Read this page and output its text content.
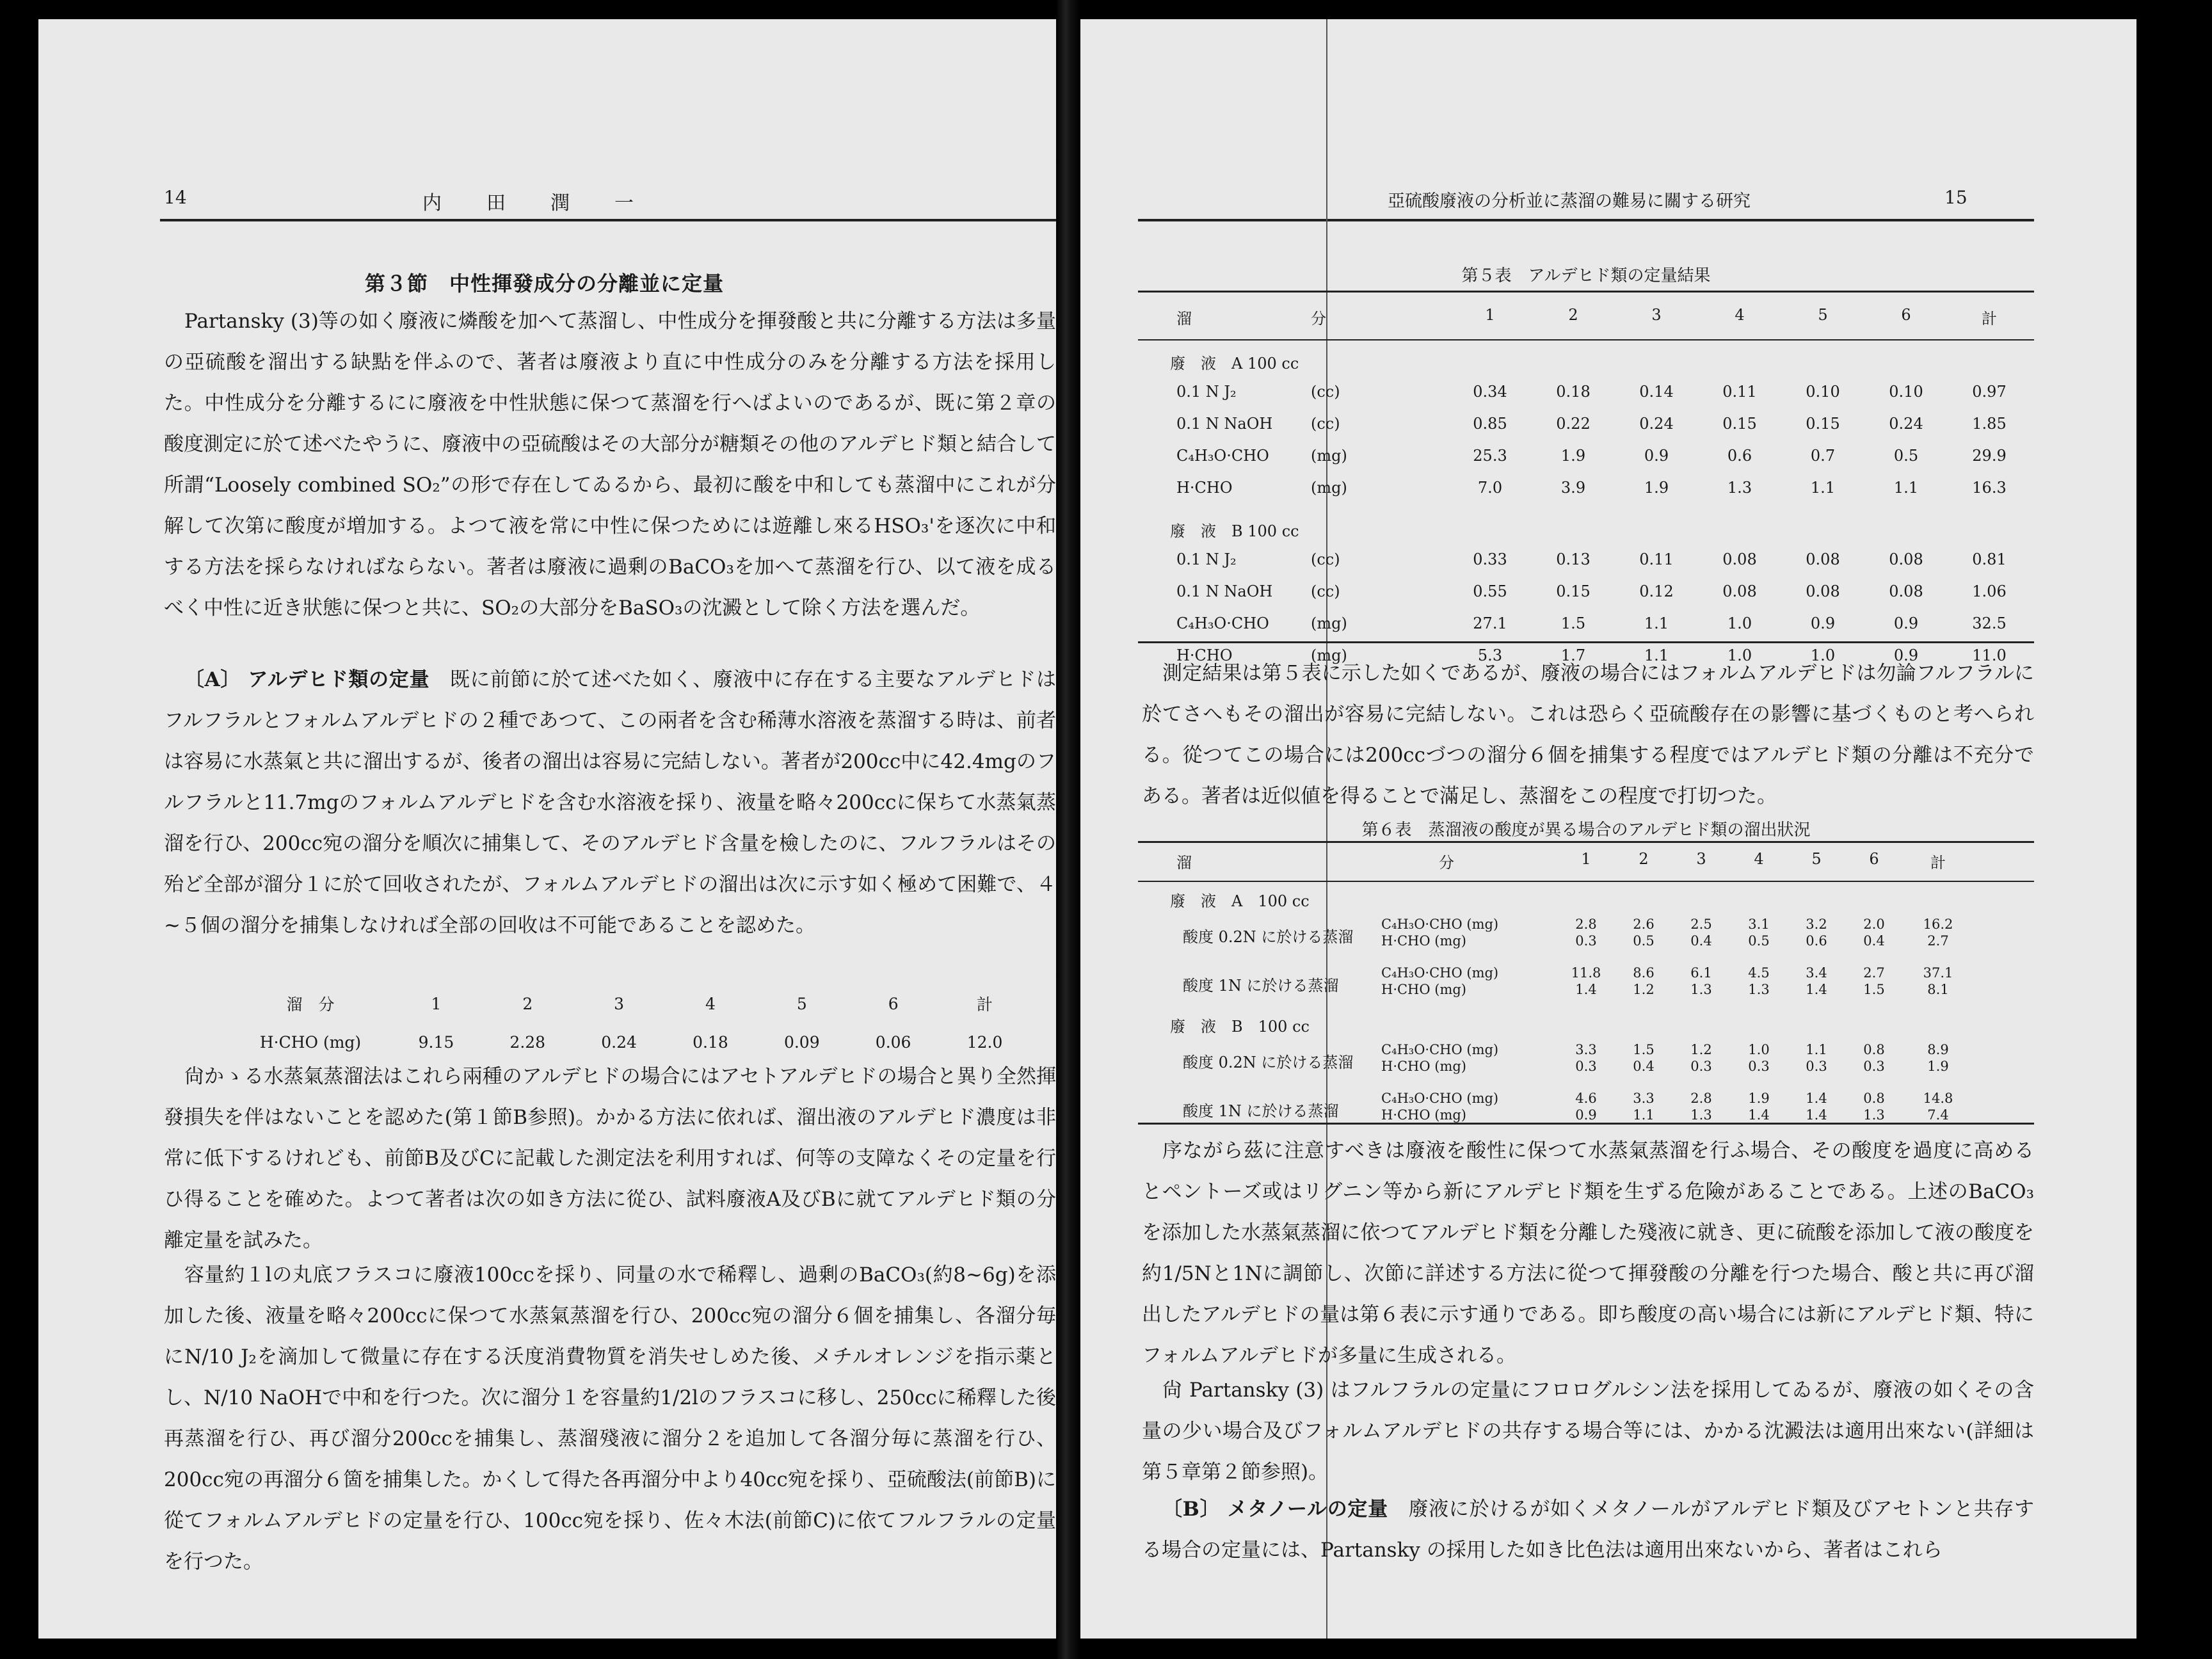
14	内　田　潤　一
第３節　中性揮發成分の分離並に定量
Partansky (3)等の如く廢液に燐酸を加へて蒸溜し、中性成分を揮發酸と共に分離する方法は多量の亞硫酸を溜出する缺點を伴ふので、著者は廢液より直に中性成分のみを分離する方法を採用した。中性成分を分離するにに廢液を中性狀態に保つて蒸溜を行へばよいのであるが、既に第２章の酸度測定に於て述べたやうに、廢液中の亞硫酸はその大部分が糖類その他のアルデヒド類と結合して所謂“Loosely combined SO₂”の形で存在してゐるから、最初に酸を中和しても蒸溜中にこれが分解して次第に酸度が増加する。よつて液を常に中性に保つためには遊離し來るHSO₃'を逐次に中和する方法を採らなければならない。著者は廢液に過剰のBaCO₃を加へて蒸溜を行ひ、以て液を成るべく中性に近き狀態に保つと共に、SO₂の大部分をBaSO₃の沈澱として除く方法を選んだ。
〔A〕 アルデヒド類の定量　 既に前節に於て述べた如く、廢液中に存在する主要なアルデヒドはフルフラルとフォルムアルデヒドの２種であつて、この兩者を含む稀薄水溶液を蒸溜する時は、前者は容易に水蒸氣と共に溜出するが、後者の溜出は容易に完結しない。著者が200cc中に42.4mgのフルフラルと11.7mgのフォルムアルデヒドを含む水溶液を採り、液量を略々200ccに保ちて水蒸氣蒸溜を行ひ、200cc宛の溜分を順次に捕集して、そのアルデヒド含量を檢したのに、フルフラルはその殆ど全部が溜分１に於て回收されたが、フォルムアルデヒドの溜出は次に示す如く極めて困難で、４~５個の溜分を捕集しなければ全部の回收は不可能であることを認めた。
溜　分	1	2	3	4	5	6	計
H·CHO (mg)	9.15	2.28	0.24	0.18	0.09	0.06	12.0
尙かゝる水蒸氣蒸溜法はこれら兩種のアルデヒドの場合にはアセトアルデヒドの場合と異り全然揮發損失を伴はないことを認めた(第１節B参照)。かかる方法に依れば、溜出液のアルデヒド濃度は非常に低下するけれども、前節B及びCに記載した測定法を利用すれば、何等の支障なくその定量を行ひ得ることを確めた。よつて著者は次の如き方法に從ひ、試料廢液A及びBに就てアルデヒド類の分離定量を試みた。
容量約１lの丸底フラスコに廢液100ccを採り、同量の水で稀釋し、過剰のBaCO₃(約8~6g)を添加した後、液量を略々200ccに保つて水蒸氣蒸溜を行ひ、200cc宛の溜分６個を捕集し、各溜分毎にN/10 J₂を滴加して微量に存在する沃度消費物質を消失せしめた後、メチルオレンジを指示薬とし、N/10 NaOHで中和を行つた。次に溜分１を容量約1/2lのフラスコに移し、250ccに稀釋した後再蒸溜を行ひ、再び溜分200ccを捕集し、蒸溜殘液に溜分２を追加して各溜分毎に蒸溜を行ひ、200cc宛の再溜分６箇を捕集した。かくして得た各再溜分中より40cc宛を採り、亞硫酸法(前節B)に從てフォルムアルデヒドの定量を行ひ、100cc宛を採り、佐々木法(前節C)に依てフルフラルの定量を行つた。
亞硫酸廢液の分析並に蒸溜の難易に關する研究	15
第５表　アルデヒド類の定量結果
測定結果は第５表に示した如くであるが、廢液の場合にはフォルムアルデヒドは勿論フルフラルに於てさへもその溜出が容易に完結しない。これは恐らく亞硫酸存在の影響に基づくものと考へられる。從つてこの場合には200ccづつの溜分６個を捕集する程度ではアルデヒド類の分離は不充分である。著者は近似値を得ることで滿足し、蒸溜をこの程度で打切つた。
第６表　蒸溜液の酸度が異る場合のアルデヒド類の溜出狀況
序ながら茲に注意すべきは廢液を酸性に保つて水蒸氣蒸溜を行ふ場合、その酸度を過度に高めるとペントーズ或はリグニン等から新にアルデヒド類を生ずる危險があることである。上述のBaCO₃を添加した水蒸氣蒸溜に依つてアルデヒド類を分離した殘液に就き、更に硫酸を添加して液の酸度を約1/5Nと1Nに調節し、次節に詳述する方法に從つて揮發酸の分離を行つた場合、酸と共に再び溜出したアルデヒドの量は第６表に示す通りである。即ち酸度の高い場合には新にアルデヒド類、特にフォルムアルデヒドが多量に生成される。
尙 Partansky (3) はフルフラルの定量にフロログルシン法を採用してゐるが、廢液の如くその含量の少い場合及びフォルムアルデヒドの共存する場合等には、かかる沈澱法は適用出來ない(詳細は第５章第２節参照)。
〔B〕 メタノールの定量　 廢液に於けるが如くメタノールがアルデヒド類及びアセトンと共存する場合の定量には、Partansky の採用した如き比色法は適用出來ないから、著者はこれら
溜	分	1	2	3	4	5	6	計
廢　液　A 100 cc
0.1 N J₂	(cc)	0.34	0.18	0.14	0.11	0.10	0.10	0.97
0.1 N NaOH (cc)	0.85	0.22	0.24	0.15	0.15	0.24	1.85
C₄H₃O·CHO	(mg)	25.3	1.9	0.9	0.6	0.7	0.5	29.9
H·CHO	(mg)	7.0	3.9	1.9	1.3	1.1	1.1	16.3
廢　液　B 100 cc
0.1 N J₂	(cc)	0.33	0.13	0.11	0.08	0.08	0.08	0.81
0.1 N NaOH (cc)	0.55	0.15	0.12	0.08	0.08	0.08	1.06
C₄H₃O·CHO	(mg)	27.1	1.5	1.1	1.0	0.9	0.9	32.5
H·CHO	(mg)	5.3	1.7	1.1	1.0	1.0	0.9	11.0
溜	分	1	2	3	4	5	6	計
廢　液　A　100 cc
酸度 0.2N に於ける蒸溜
C₄H₃O·CHO (mg)	2.8	2.6	2.5	3.1	3.2	2.0	16.2
H·CHO (mg)	0.3	0.5	0.4	0.5	0.6	0.4	2.7
酸度 1N に於ける蒸溜
C₄H₃O·CHO (mg)	11.8 8.6	6.1	4.5	3.4	2.7	37.1
H·CHO (mg)	1.4	1.2	1.3	1.3	1.4	1.5	8.1
廢　液　B　100 cc
酸度 0.2N に於ける蒸溜
C₄H₃O·CHO (mg)	3.3	1.5	1.2	1.0	1.1	0.8	8.9
H·CHO (mg)	0.3	0.4	0.3	0.3	0.3	0.3	1.9
酸度 1N に於ける蒸溜
C₄H₃O·CHO (mg)	4.6	3.3	2.8	1.9	1.4	0.8	14.8
H·CHO (mg)	0.9	1.1	1.3	1.4	1.4	1.3	7.4
